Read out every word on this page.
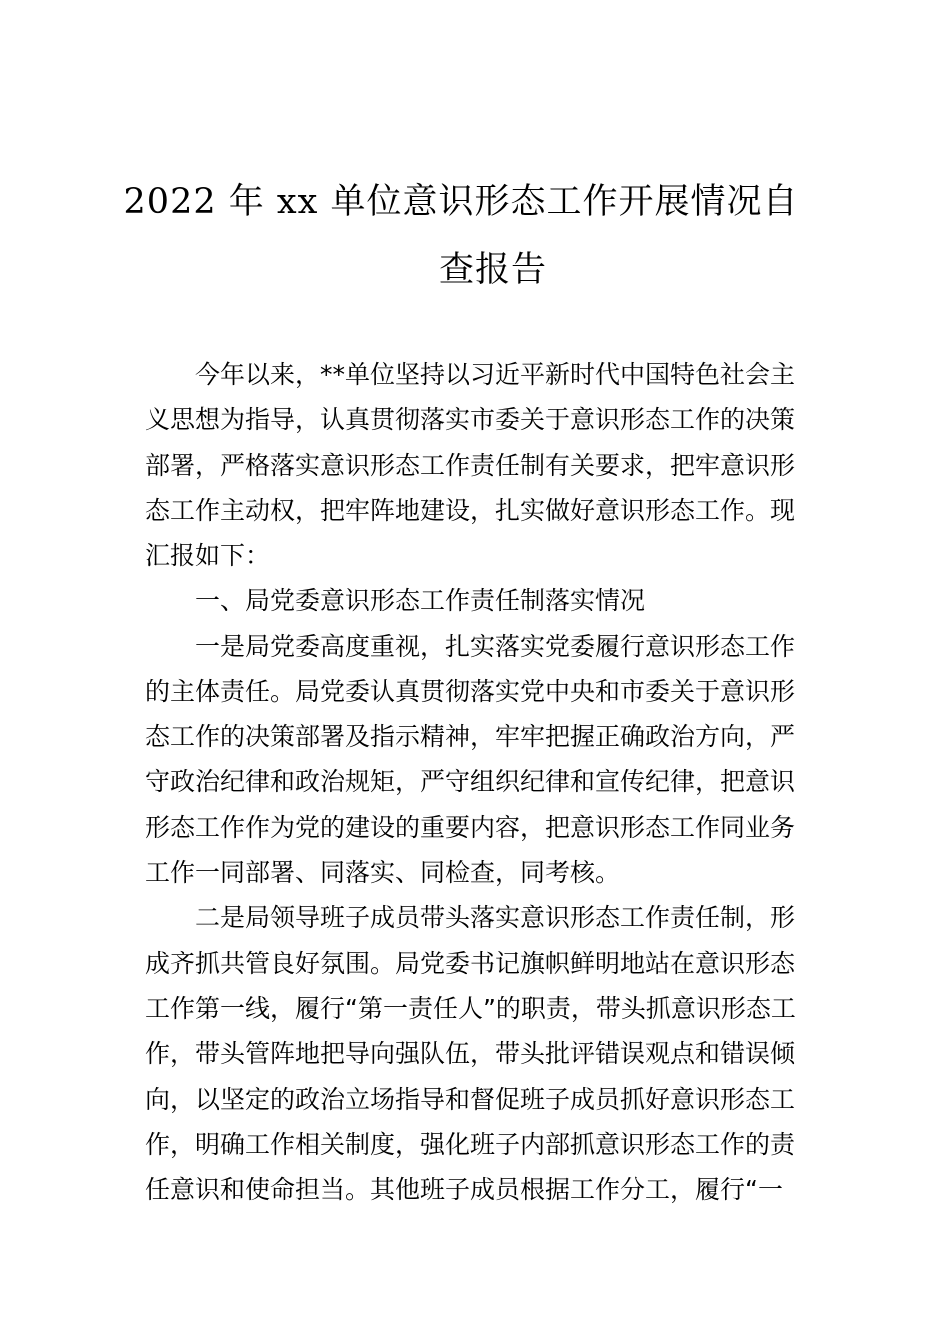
2022 年 xx 单位意识形态工作开展情况自
查报告
今年以来，**单位坚持以习近平新时代中国特色社会主
义思想为指导，认真贯彻落实市委关于意识形态工作的决策
部署，严格落实意识形态工作责任制有关要求，把牢意识形
态工作主动权，把牢阵地建设，扎实做好意识形态工作。现
汇报如下：
一、局党委意识形态工作责任制落实情况
一是局党委高度重视，扎实落实党委履行意识形态工作
的主体责任。局党委认真贯彻落实党中央和市委关于意识形
态工作的决策部署及指示精神，牢牢把握正确政治方向，严
守政治纪律和政治规矩，严守组织纪律和宣传纪律，把意识
形态工作作为党的建设的重要内容，把意识形态工作同业务
工作一同部署、同落实、同检查，同考核。
二是局领导班子成员带头落实意识形态工作责任制，形
成齐抓共管良好氛围。局党委书记旗帜鲜明地站在意识形态
工作第一线，履行“第一责任人”的职责，带头抓意识形态工
作，带头管阵地把导向强队伍，带头批评错误观点和错误倾
向，以坚定的政治立场指导和督促班子成员抓好意识形态工
作，明确工作相关制度，强化班子内部抓意识形态工作的责
任意识和使命担当。其他班子成员根据工作分工，履行“一
